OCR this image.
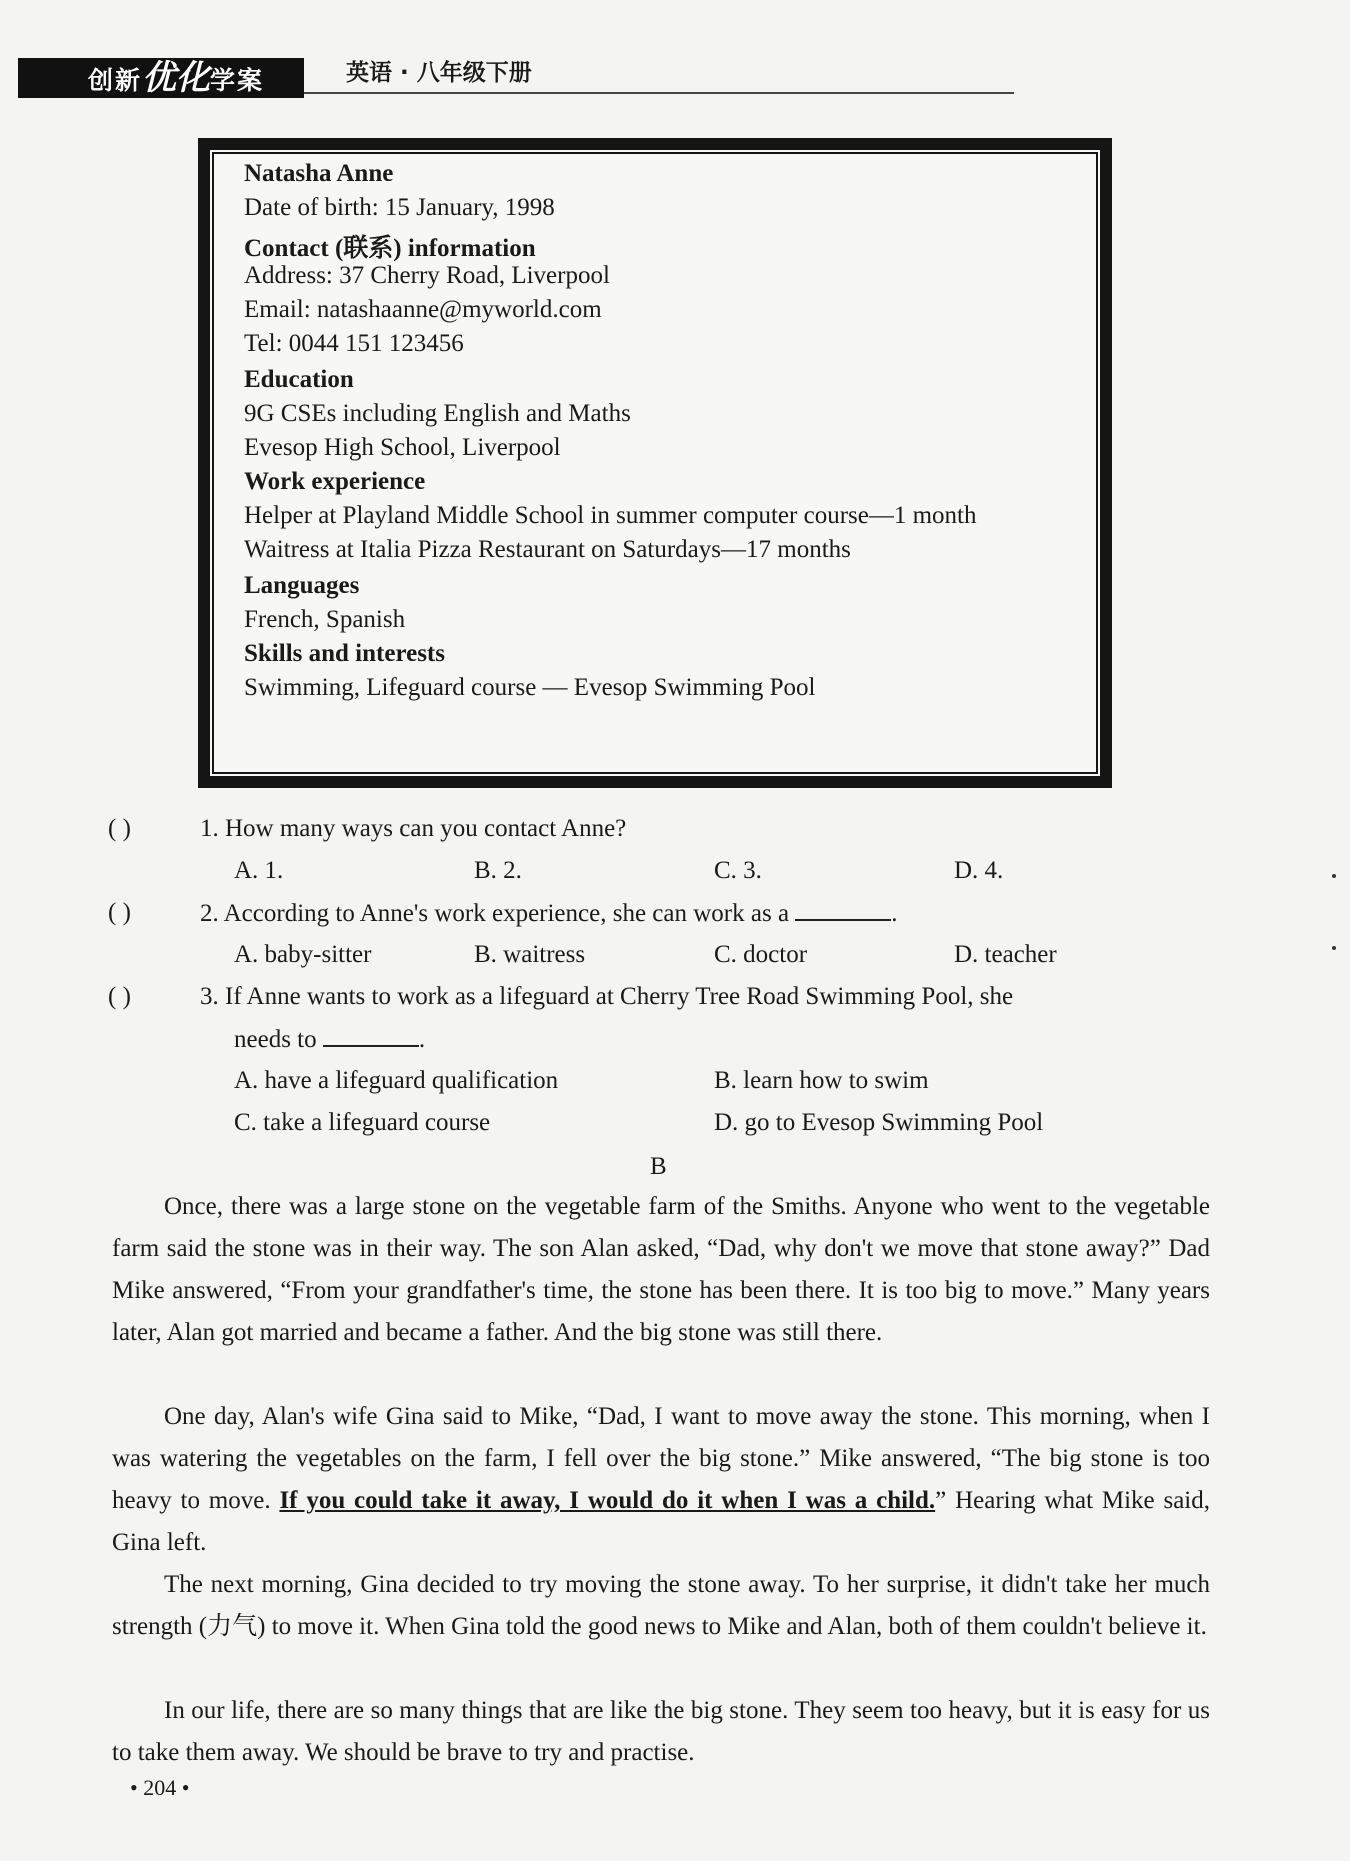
创新优化学案	英语 · 八年级下册
Natasha Anne
Date of birth: 15 January, 1998
Contact (联系) information
Address: 37 Cherry Road, Liverpool
Email: natashaanne@myworld.com
Tel: 0044 151 123456
Education
9G CSEs including English and Maths
Evesop High School, Liverpool
Work experience
Helper at Playland Middle School in summer computer course—1 month
Waitress at Italia Pizza Restaurant on Saturdays—17 months
Languages
French, Spanish
Skills and interests
Swimming, Lifeguard course — Evesop Swimming Pool
( )	1. How many ways can you contact Anne?
A. 1.	B. 2.	C. 3.	D. 4.
( )	2. According to Anne's work experience, she can work as a	.
A. baby-sitter	B. waitress	C. doctor	D. teacher
( )	3. If Anne wants to work as a lifeguard at Cherry Tree Road Swimming Pool, she
needs to	.
A. have a lifeguard qualification	B. learn how to swim
C. take a lifeguard course	D. go to Evesop Swimming Pool
B
Once, there was a large stone on the vegetable farm of the Smiths. Anyone who went to the vegetable farm said the stone was in their way. The son Alan asked, “Dad, why don't we move that stone away?” Dad Mike answered, “From your grandfather's time, the stone has been there. It is too big to move.” Many years later, Alan got married and became a father. And the big stone was still there.
One day, Alan's wife Gina said to Mike, “Dad, I want to move away the stone. This morning, when I was watering the vegetables on the farm, I fell over the big stone.” Mike answered, “The big stone is too heavy to move. If you could take it away, I would do it when I was a child.” Hearing what Mike said, Gina left.
The next morning, Gina decided to try moving the stone away. To her surprise, it didn't take her much strength (力气) to move it. When Gina told the good news to Mike and Alan, both of them couldn't believe it.
In our life, there are so many things that are like the big stone. They seem too heavy, but it is easy for us to take them away. We should be brave to try and practise.
• 204 •
